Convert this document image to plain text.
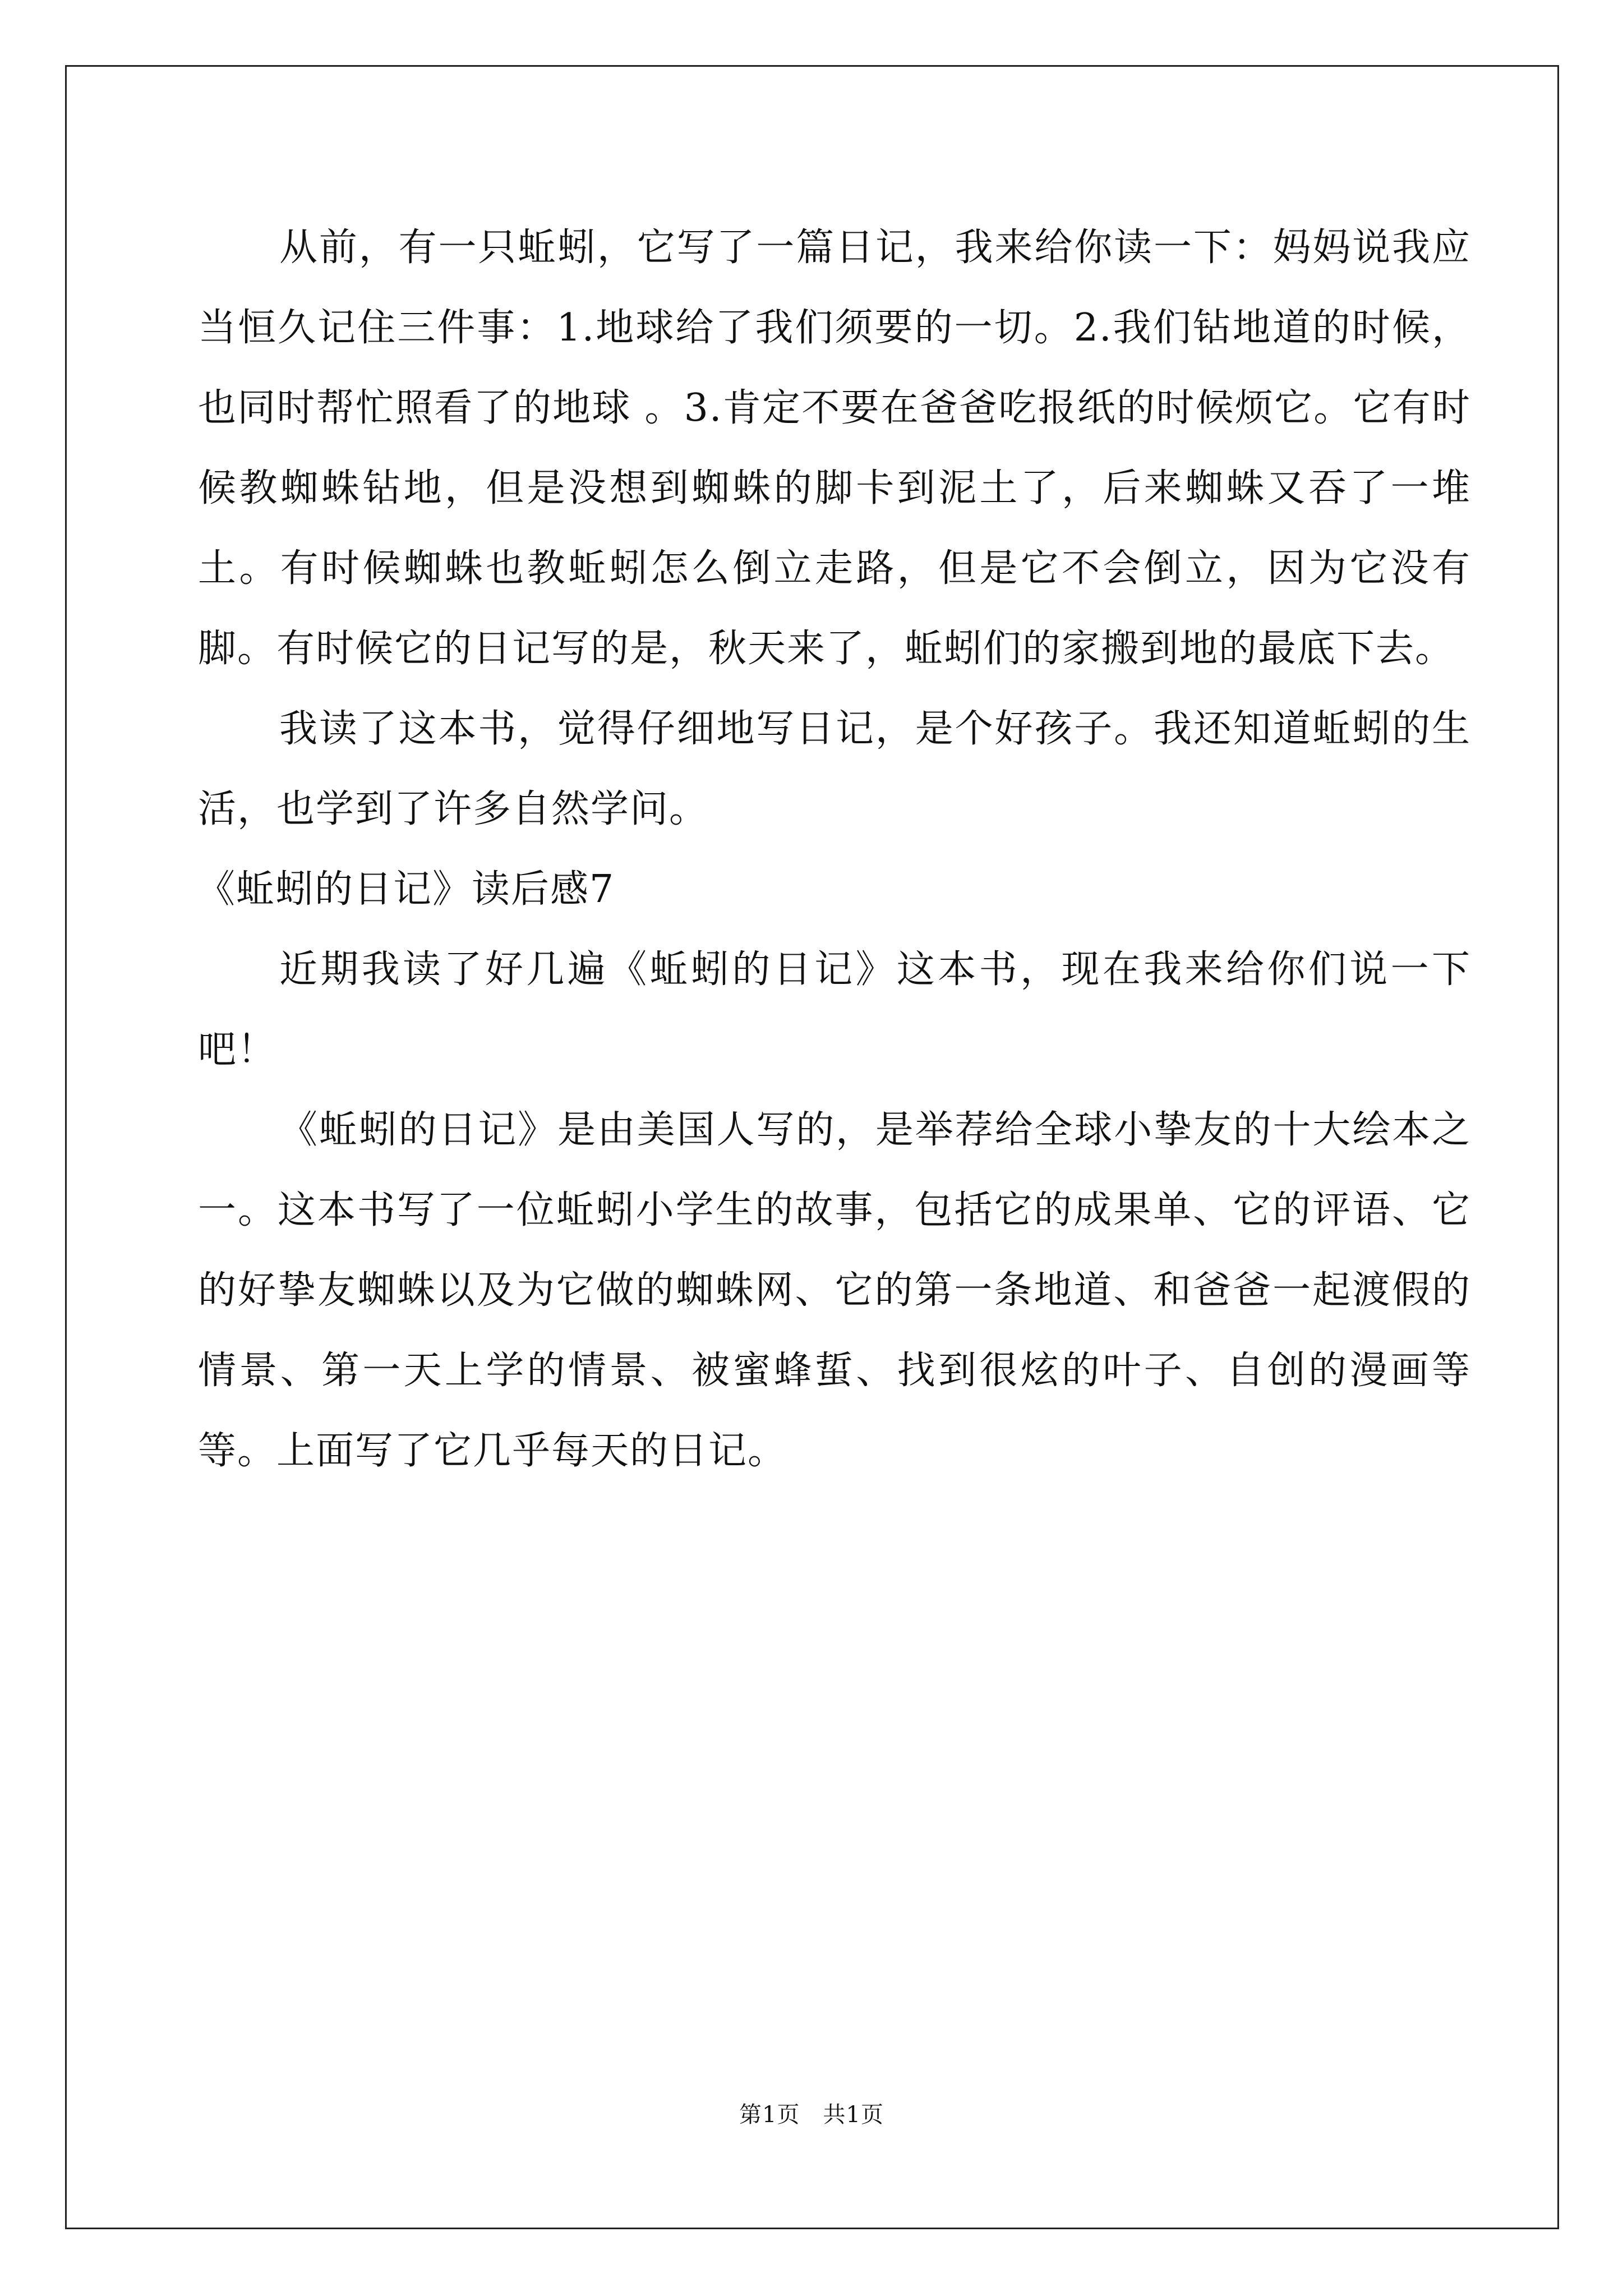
从前，有一只蚯蚓，它写了一篇日记，我来给你读一下：妈妈说我应当恒久记住三件事：1.地球给了我们须要的一切。2.我们钻地道的时候，也同时帮忙照看了的地球 。3.肯定不要在爸爸吃报纸的时候烦它。它有时候教蜘蛛钻地，但是没想到蜘蛛的脚卡到泥土了，后来蜘蛛又吞了一堆土。有时候蜘蛛也教蚯蚓怎么倒立走路，但是它不会倒立，因为它没有脚。有时候它的日记写的是，秋天来了，蚯蚓们的家搬到地的最底下去。

我读了这本书，觉得仔细地写日记，是个好孩子。我还知道蚯蚓的生活，也学到了许多自然学问。

《蚯蚓的日记》读后感7

近期我读了好几遍《蚯蚓的日记》这本书，现在我来给你们说一下吧！

《蚯蚓的日记》是由美国人写的，是举荐给全球小挚友的十大绘本之一。这本书写了一位蚯蚓小学生的故事，包括它的成果单、它的评语、它的好挚友蜘蛛以及为它做的蜘蛛网、它的第一条地道、和爸爸一起渡假的情景、第一天上学的情景、被蜜蜂蜇、找到很炫的叶子、自创的漫画等等。上面写了它几乎每天的日记。

第1页　共1页
